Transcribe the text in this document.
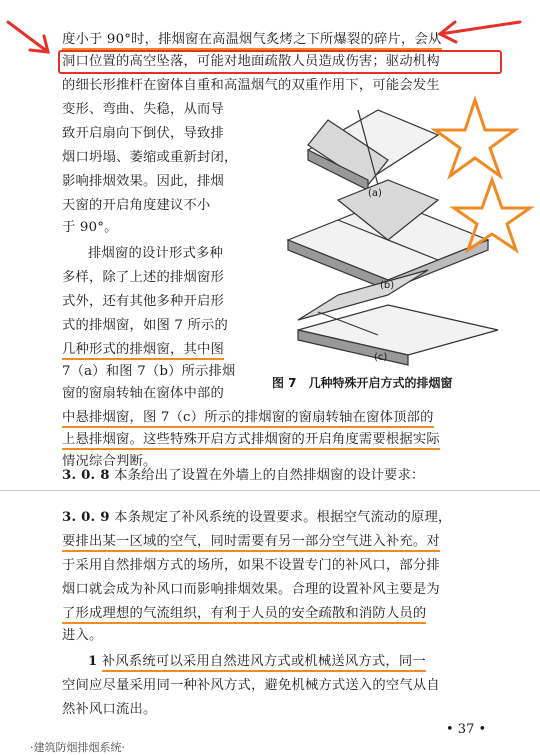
度小于 90°时，排烟窗在高温烟气炙烤之下所爆裂的碎片，会从
洞口位置的高空坠落，可能对地面疏散人员造成伤害；驱动机构
的细长形推杆在窗体自重和高温烟气的双重作用下，可能会发生
变形、弯曲、失稳，从而导
致开启扇向下倒伏，导致排
烟口坍塌、萎缩或重新封闭，
影响排烟效果。因此，排烟
天窗的开启角度建议不小
于 90°。
排烟窗的设计形式多种
多样，除了上述的排烟窗形
式外，还有其他多种开启形
式的排烟窗，如图 7 所示的
几种形式的排烟窗，其中图
7（a）和图 7（b）所示排烟
窗的窗扇转轴在窗体中部的
中悬排烟窗，图 7（c）所示的排烟窗的窗扇转轴在窗体顶部的
上悬排烟窗。这些特殊开启方式排烟窗的开启角度需要根据实际
情况综合判断。
(a)
(b)
(c)
图 7　几种特殊开启方式的排烟窗
3. 0. 8 本条给出了设置在外墙上的自然排烟窗的设计要求：
3. 0. 9 本条规定了补风系统的设置要求。根据空气流动的原理，
要排出某一区域的空气，同时需要有另一部分空气进入补充。对
于采用自然排烟方式的场所，如果不设置专门的补风口，部分排
烟口就会成为补风口而影响排烟效果。合理的设置补风主要是为
了形成理想的气流组织，有利于人员的安全疏散和消防人员的
进入。
1 补风系统可以采用自然进风方式或机械送风方式，同一
空间应尽量采用同一种补风方式，避免机械方式送入的空气从自
然补风口流出。
• 37 •
·建筑防烟排烟系统·
